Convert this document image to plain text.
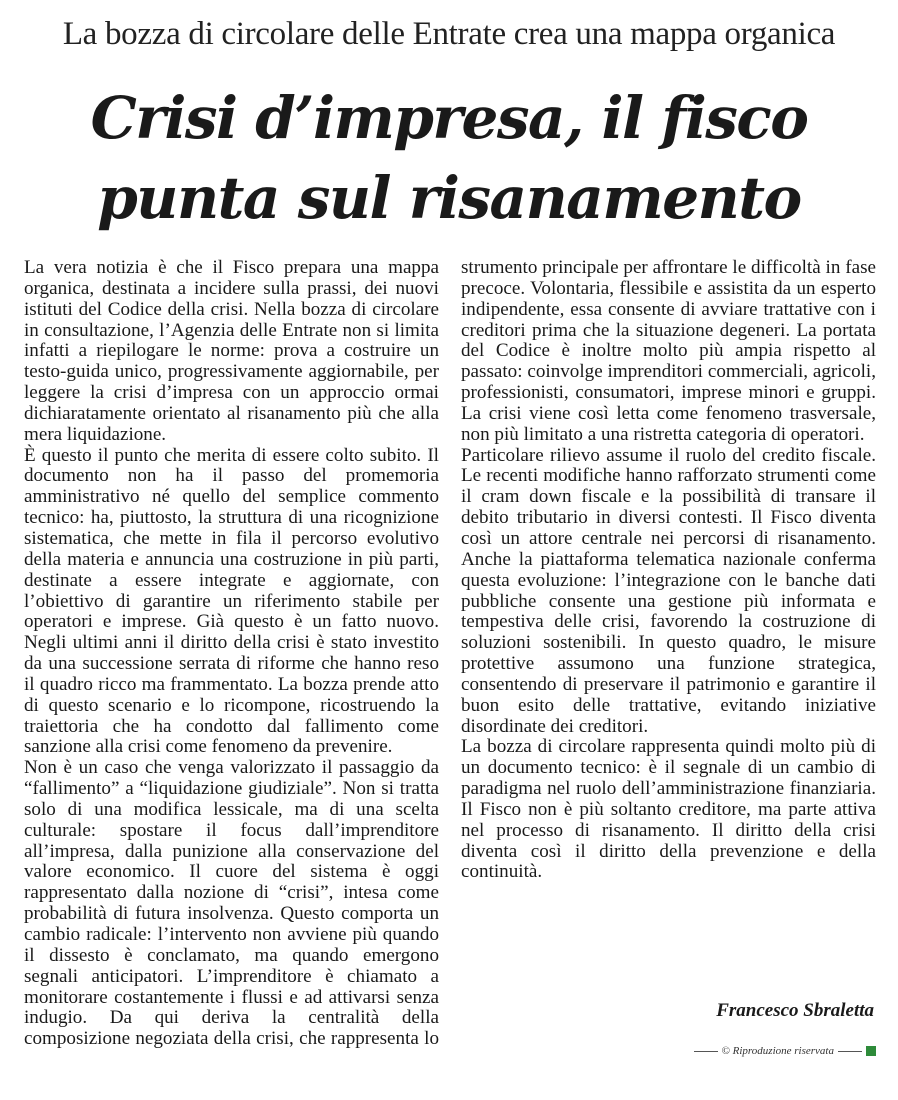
La bozza di circolare delle Entrate crea una mappa organica
Crisi d’impresa, il fisco
punta sul risanamento

La vera notizia è che il Fisco prepara una mappa organica, destinata a incidere sulla prassi, dei nuovi istituti del Codice della crisi. Nella bozza di circolare in consultazione, l’Agenzia delle Entrate non si limita infatti a riepilogare le norme: prova a costruire un testo-guida unico, progressivamente aggiornabile, per leggere la crisi d’impresa con un approccio ormai dichiaratamente orientato al risanamento più che alla mera liquidazione.

È questo il punto che merita di essere colto subito. Il documento non ha il passo del promemoria amministrativo né quello del semplice commento tecnico: ha, piuttosto, la struttura di una ricognizione sistematica, che mette in fila il percorso evolutivo della materia e annuncia una costruzione in più parti, destinate a essere integrate e aggiornate, con l’obiettivo di garantire un riferimento stabile per operatori e imprese. Già questo è un fatto nuovo. Negli ultimi anni il diritto della crisi è stato investito da una successione serrata di riforme che hanno reso il quadro ricco ma frammentato. La bozza prende atto di questo scenario e lo ricompone, ricostruendo la traiettoria che ha condotto dal fallimento come sanzione alla crisi come fenomeno da prevenire.

Non è un caso che venga valorizzato il passaggio da “fallimento” a “liquidazione giudiziale”. Non si tratta solo di una modifica lessicale, ma di una scelta culturale: spostare il focus dall’imprenditore all’impresa, dalla punizione alla conservazione del valore economico. Il cuore del sistema è oggi rappresentato dalla nozione di “crisi”, intesa come probabilità di futura insolvenza. Questo comporta un cambio radicale: l’intervento non avviene più quando il dissesto è conclamato, ma quando emergono segnali anticipatori. L’imprenditore è chiamato a monitorare costantemente i flussi e ad attivarsi senza indugio. Da qui deriva la centralità della composizione negoziata della crisi, che rappresenta lo strumento principale per affrontare le difficoltà in fase precoce. Volontaria, flessibile e assistita da un esperto indipendente, essa consente di avviare trattative con i creditori prima che la situazione degeneri. La portata del Codice è inoltre molto più ampia rispetto al passato: coinvolge imprenditori commerciali, agricoli, professionisti, consumatori, imprese minori e gruppi. La crisi viene così letta come fenomeno trasversale, non più limitato a una ristretta categoria di operatori.

Particolare rilievo assume il ruolo del credito fiscale. Le recenti modifiche hanno rafforzato strumenti come il cram down fiscale e la possibilità di transare il debito tributario in diversi contesti. Il Fisco diventa così un attore centrale nei percorsi di risanamento. Anche la piattaforma telematica nazionale conferma questa evoluzione: l’integrazione con le banche dati pubbliche consente una gestione più informata e tempestiva delle crisi, favorendo la costruzione di soluzioni sostenibili. In questo quadro, le misure protettive assumono una funzione strategica, consentendo di preservare il patrimonio e garantire il buon esito delle trattative, evitando iniziative disordinate dei creditori.

La bozza di circolare rappresenta quindi molto più di un documento tecnico: è il segnale di un cambio di paradigma nel ruolo dell’amministrazione finanziaria. Il Fisco non è più soltanto creditore, ma parte attiva nel processo di risanamento. Il diritto della crisi diventa così il diritto della prevenzione e della continuità.

Francesco Sbraletta
© Riproduzione riservata
